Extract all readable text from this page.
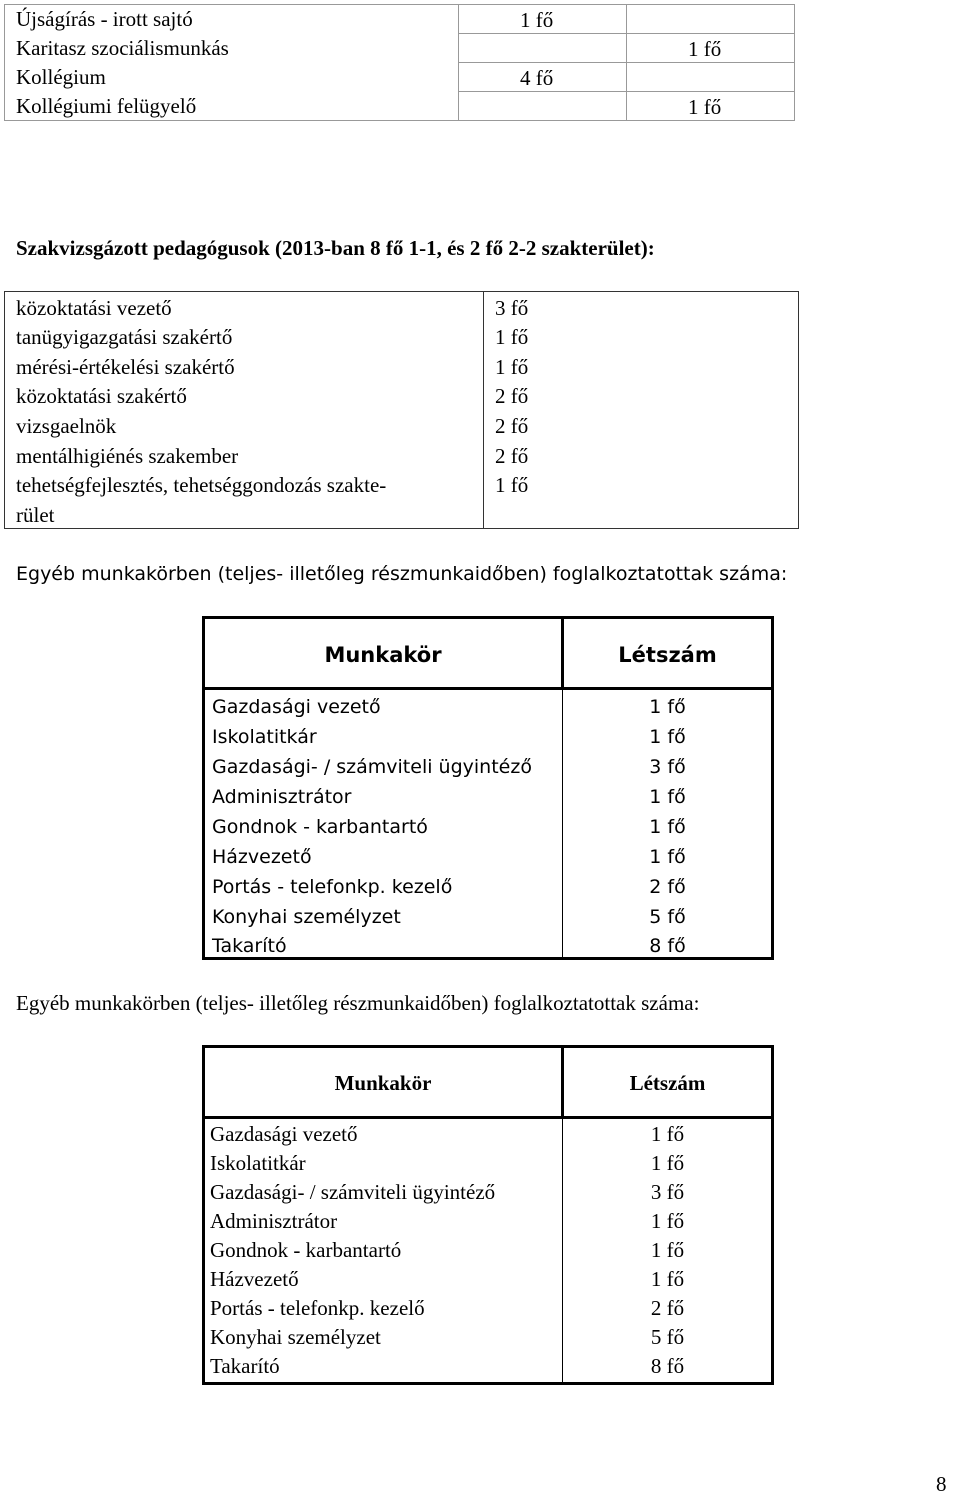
Újságírás - irott sajtó
Karitasz szociálismunkás
Kollégium
Kollégiumi felügyelő
1 fő
4 fő
1 fő
1 fő
Szakvizsgázott pedagógusok (2013-ban 8 fő 1-1, és 2 fő 2-2 szakterület):
közoktatási vezető
tanügyigazgatási szakértő
mérési-értékelési szakértő
közoktatási szakértő
vizsgaelnök
mentálhigiénés szakember
tehetségfejlesztés, tehetséggondozás szakte-
rület
3 fő
1 fő
1 fő
2 fő
2 fő
2 fő
1 fő
Egyéb munkakörben (teljes- illetőleg részmunkaidőben) foglalkoztatottak száma:
Munkakör	Létszám
Gazdasági vezető
Iskolatitkár
Gazdasági- / számviteli ügyintéző
Adminisztrátor
Gondnok - karbantartó
Házvezető
Portás - telefonkp. kezelő
Konyhai személyzet
Takarító
1 fő
1 fő
3 fő
1 fő
1 fő
1 fő
2 fő
5 fő
8 fő
Egyéb munkakörben (teljes- illetőleg részmunkaidőben) foglalkoztatottak száma:
Munkakör	Létszám
Gazdasági vezető
Iskolatitkár
Gazdasági- / számviteli ügyintéző
Adminisztrátor
Gondnok - karbantartó
Házvezető
Portás - telefonkp. kezelő
Konyhai személyzet
Takarító
1 fő
1 fő
3 fő
1 fő
1 fő
1 fő
2 fő
5 fő
8 fő
8
